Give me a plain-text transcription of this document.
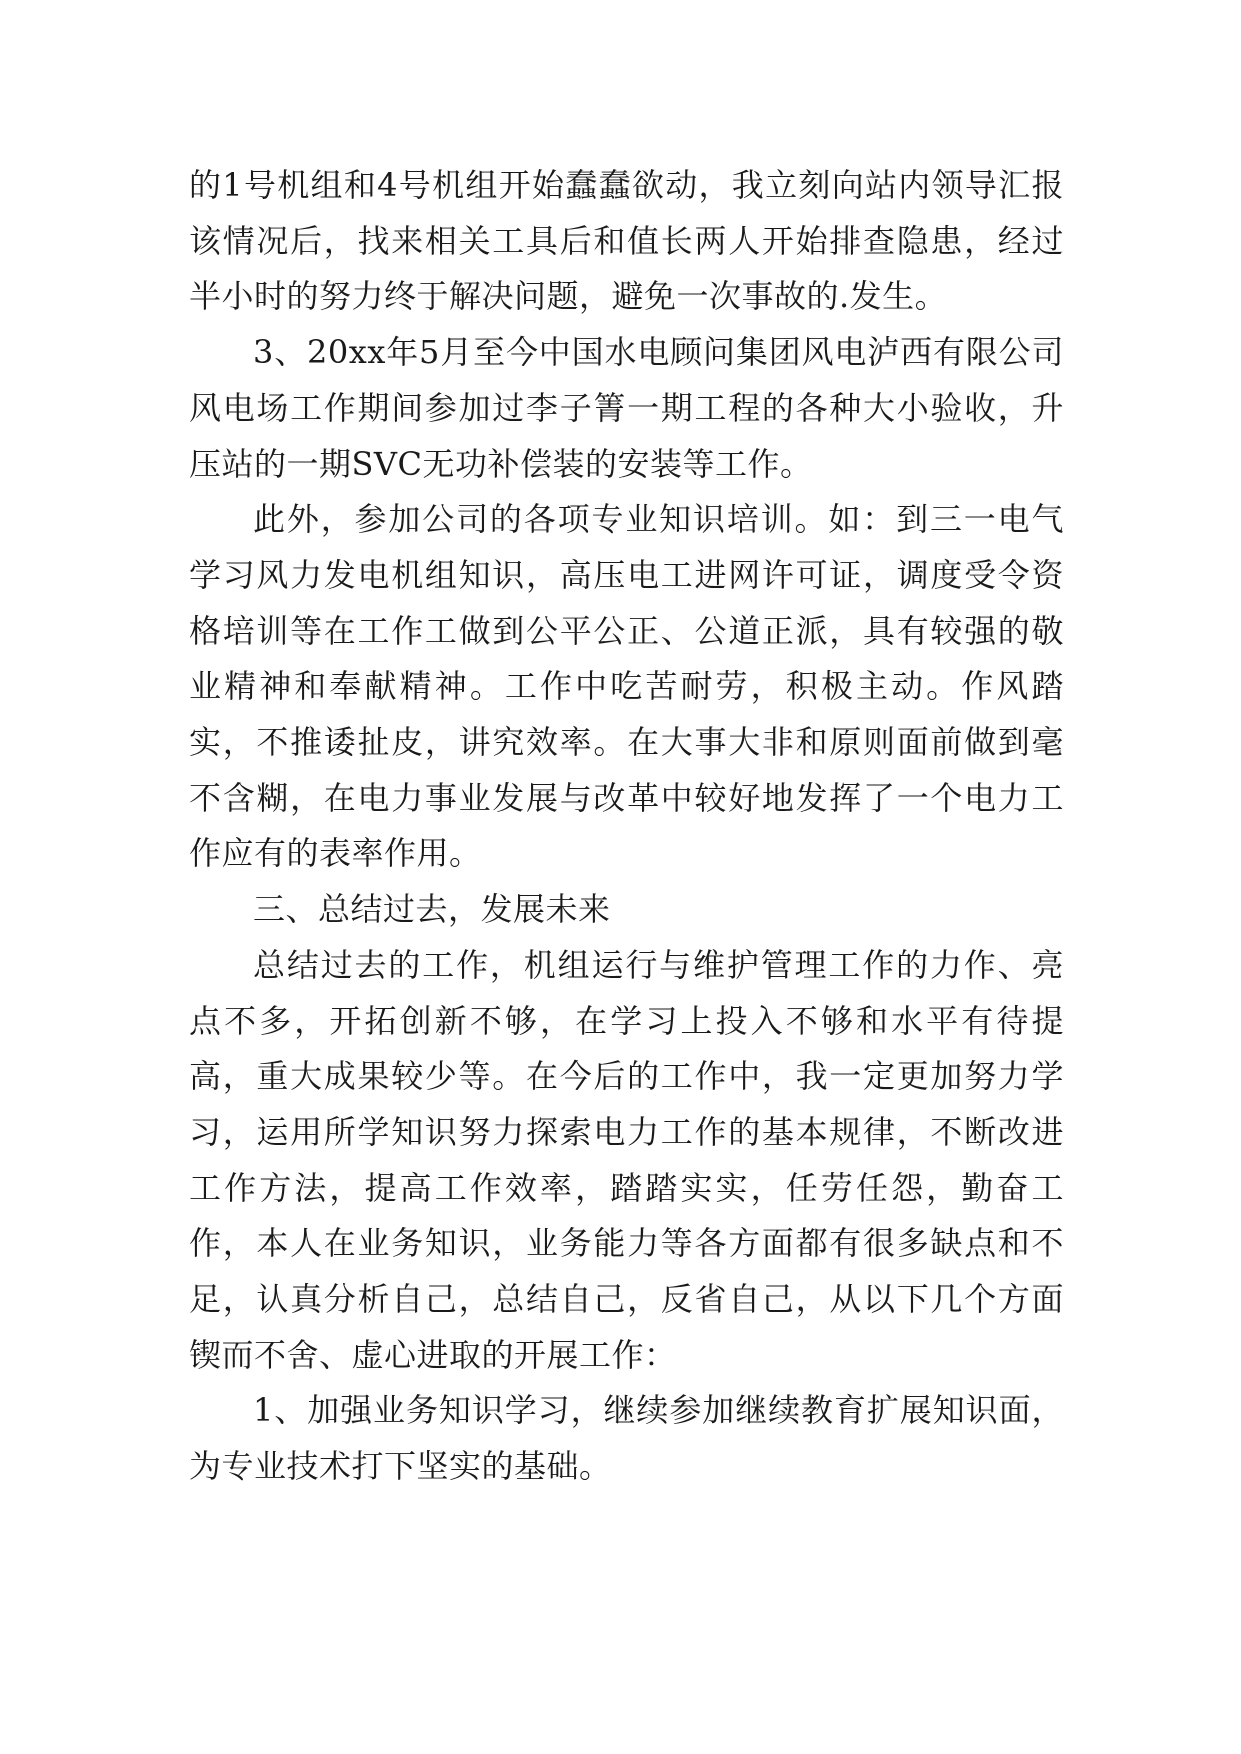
的1号机组和4号机组开始蠢蠢欲动，我立刻向站内领导汇报该情况后，找来相关工具后和值长两人开始排查隐患，经过半小时的努力终于解决问题，避免一次事故的.发生。

3、20xx年5月至今中国水电顾问集团风电泸西有限公司风电场工作期间参加过李子箐一期工程的各种大小验收，升压站的一期SVC无功补偿装的安装等工作。

此外，参加公司的各项专业知识培训。如：到三一电气学习风力发电机组知识，高压电工进网许可证，调度受令资格培训等在工作工做到公平公正、公道正派，具有较强的敬业精神和奉献精神。工作中吃苦耐劳，积极主动。作风踏实，不推诿扯皮，讲究效率。在大事大非和原则面前做到毫不含糊，在电力事业发展与改革中较好地发挥了一个电力工作应有的表率作用。

三、总结过去，发展未来

总结过去的工作，机组运行与维护管理工作的力作、亮点不多，开拓创新不够，在学习上投入不够和水平有待提高，重大成果较少等。在今后的工作中，我一定更加努力学习，运用所学知识努力探索电力工作的基本规律，不断改进工作方法，提高工作效率，踏踏实实，任劳任怨，勤奋工作，本人在业务知识，业务能力等各方面都有很多缺点和不足，认真分析自己，总结自己，反省自己，从以下几个方面锲而不舍、虚心进取的开展工作：

1、加强业务知识学习，继续参加继续教育扩展知识面，为专业技术打下坚实的基础。
